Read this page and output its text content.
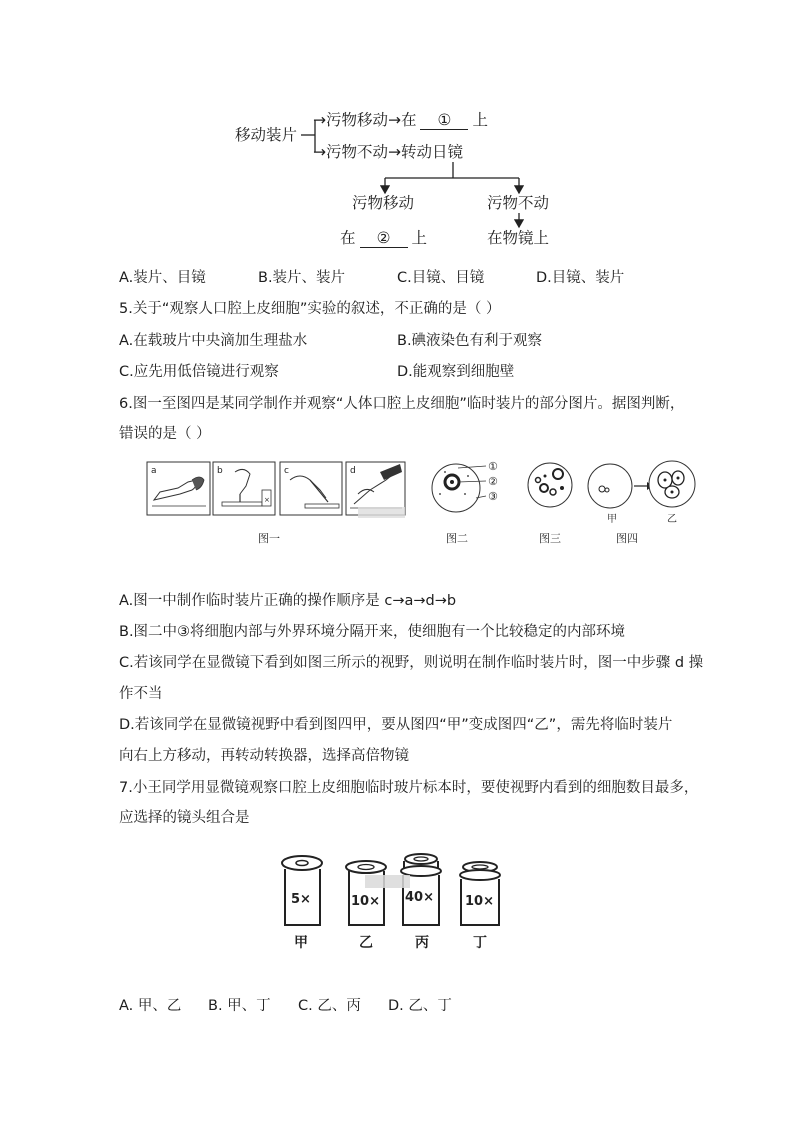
移动装片
→污物移动→在 ① 上
→污物不动→转动日镜
污物移动	污物不动
在 ② 上	在物镜上
A.装片、目镜	B.装片、装片	C.目镜、目镜	D.目镜、装片
5.关于“观察人口腔上皮细胞”实验的叙述，不正确的是（ ）
A.在载玻片中央滴加生理盐水	B.碘液染色有利于观察
C.应先用低倍镜进行观察	D.能观察到细胞壁
6.图一至图四是某同学制作并观察“人体口腔上皮细胞”临时装片的部分图片。据图判断，
错误的是（ ）
a	b
×
c	d	①
②
③
甲	乙
图一	图二	图三	图四
A.图一中制作临时装片正确的操作顺序是 c→a→d→b
B.图二中③将细胞内部与外界环境分隔开来，使细胞有一个比较稳定的内部环境
C.若该同学在显微镜下看到如图三所示的视野，则说明在制作临时装片时，图一中步骤 d 操
作不当
D.若该同学在显微镜视野中看到图四甲，要从图四“甲”变成图四“乙”，需先将临时装片
向右上方移动，再转动转换器，选择高倍物镜
7.小王同学用显微镜观察口腔上皮细胞临时玻片标本时，要使视野内看到的细胞数目最多，
应选择的镜头组合是
5×	10× 40× 10×
甲	乙	丙	丁
A. 甲、乙 B. 甲、丁 C. 乙、丙 D. 乙、丁
